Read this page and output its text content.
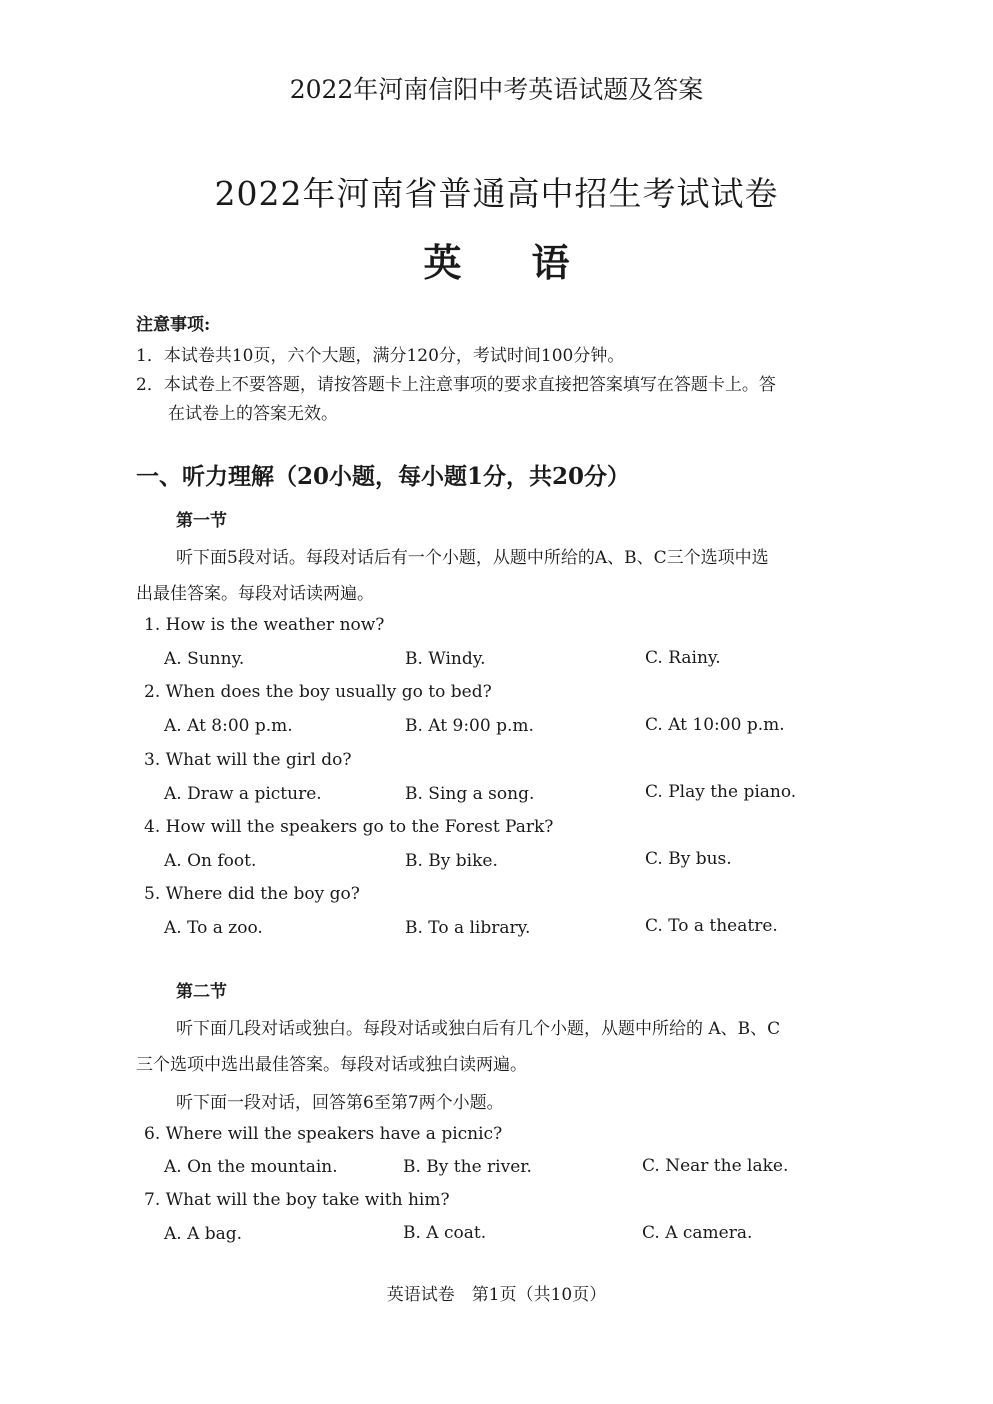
2022年河南信阳中考英语试题及答案
2022年河南省普通高中招生考试试卷
英语
注意事项:
1．本试卷共10页，六个大题，满分120分，考试时间100分钟。
2．本试卷上不要答题，请按答题卡上注意事项的要求直接把答案填写在答题卡上。答
在试卷上的答案无效。
一、听力理解（20小题，每小题1分，共20分）
第一节
听下面5段对话。每段对话后有一个小题，从题中所给的A、B、C三个选项中选
出最佳答案。每段对话读两遍。
1. How is the weather now?
A. Sunny.	B. Windy.	C. Rainy.
2. When does the boy usually go to bed?
A. At 8:00 p.m.	B. At 9:00 p.m.	C. At 10:00 p.m.
3. What will the girl do?
A. Draw a picture.	B. Sing a song.	C. Play the piano.
4. How will the speakers go to the Forest Park?
A. On foot.	B. By bike.	C. By bus.
5. Where did the boy go?
A. To a zoo.	B. To a library.	C. To a theatre.
第二节
听下面几段对话或独白。每段对话或独白后有几个小题，从题中所给的 A、B、C
三个选项中选出最佳答案。每段对话或独白读两遍。
听下面一段对话，回答第6至第7两个小题。
6. Where will the speakers have a picnic?
A. On the mountain.	B. By the river.	C. Near the lake.
7. What will the boy take with him?
A. A bag.	B. A coat.	C. A camera.
英语试卷　第1页（共10页）
